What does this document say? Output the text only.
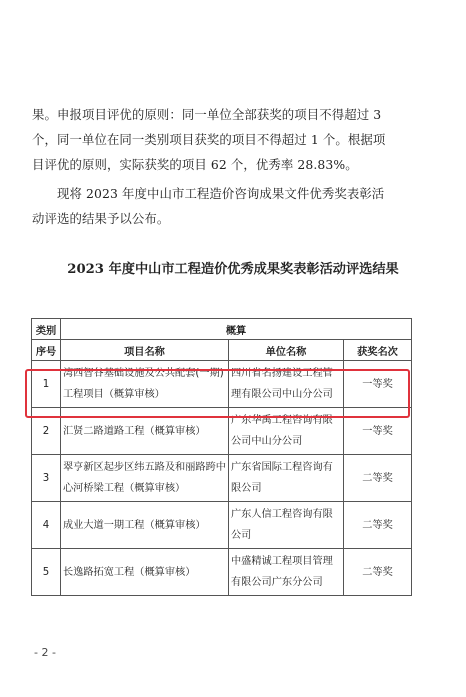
果。申报项目评优的原则：同一单位全部获奖的项目不得超过 3
个，同一单位在同一类别项目获奖的项目不得超过 1 个。根据项
目评优的原则，实际获奖的项目 62 个，优秀率 28.83%。
现将 2023 年度中山市工程造价咨询成果文件优秀奖表彰活
动评选的结果予以公布。
2023 年度中山市工程造价优秀成果奖表彰活动评选结果
类别	概算		
序号	项目名称	单位名称	获奖名次
1	湾西智谷基础设施及公共配套(一期)工程项目（概算审核）	四川省名扬建设工程管理有限公司中山分公司	一等奖
2	汇贤二路道路工程（概算审核）	广东华禹工程咨询有限公司中山分公司	一等奖
3	翠亨新区起步区纬五路及和丽路跨中心河桥梁工程（概算审核）	广东省国际工程咨询有限公司	二等奖
4	成业大道一期工程（概算审核）	广东人信工程咨询有限公司	二等奖
5	长逸路拓宽工程（概算审核）	中盛精诚工程项目管理有限公司广东分公司	二等奖
- 2 -
